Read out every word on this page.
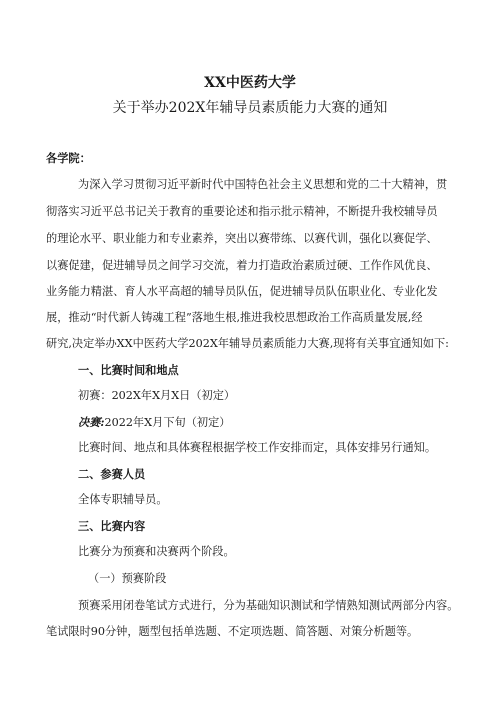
XX中医药大学
关于举办202X年辅导员素质能力大赛的通知
各学院：
为深入学习贯彻习近平新时代中国特色社会主义思想和党的二十大精神，贯
彻落实习近平总书记关于教育的重要论述和指示批示精神，不断提升我校辅导员
的理论水平、职业能力和专业素养，突出以赛带练、以赛代训，强化以赛促学、
以赛促建，促进辅导员之间学习交流，着力打造政治素质过硬、工作作风优良、
业务能力精湛、育人水平高超的辅导员队伍，促进辅导员队伍职业化、专业化发
展，推动“时代新人铸魂工程”落地生根,推进我校思想政治工作高质量发展,经
研究,决定举办XX中医药大学202X年辅导员素质能力大赛,现将有关事宜通知如下:
一、比赛时间和地点
初赛：202X年X月X日（初定）
决赛:2022年X月下旬（初定）
比赛时间、地点和具体赛程根据学校工作安排而定，具体安排另行通知。
二、参赛人员
全体专职辅导员。
三、比赛内容
比赛分为预赛和决赛两个阶段。
（一）预赛阶段
预赛采用闭卷笔试方式进行，分为基础知识测试和学情熟知测试两部分内容。
笔试限时90分钟，题型包括单选题、不定项选题、简答题、对策分析题等。
